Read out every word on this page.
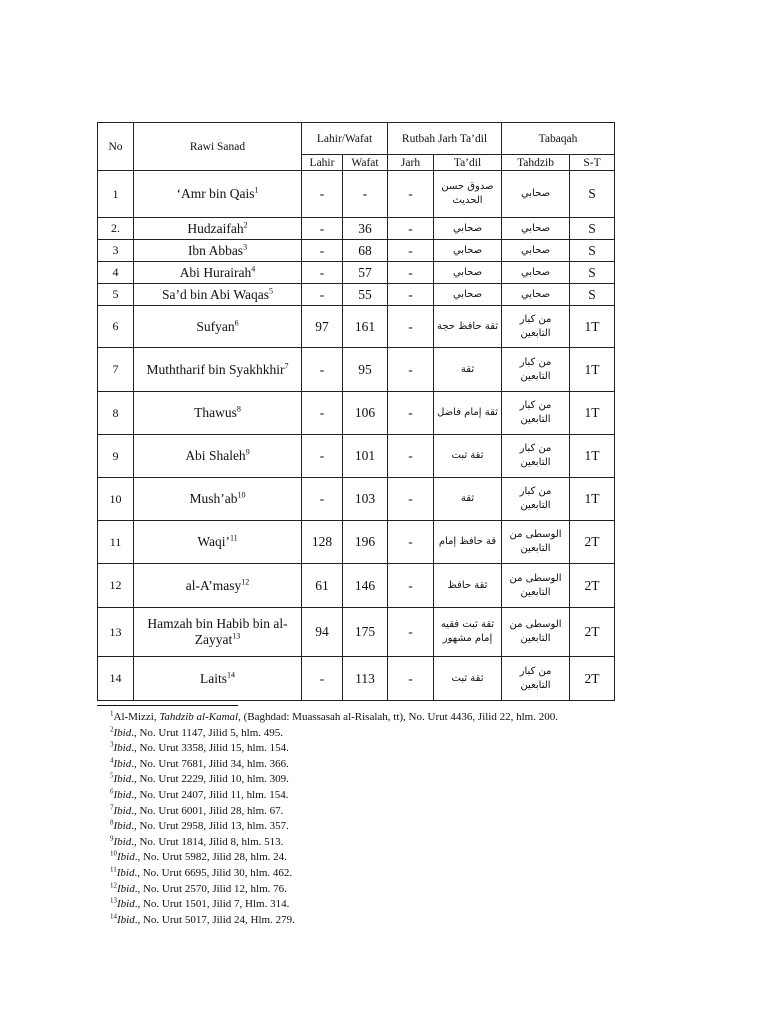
No	Rawi Sanad	Lahir/Wafat		Rutbah Jarh Ta’dil		Tabaqah	
		Lahir	Wafat	Jarh	Ta’dil	Tahdzib	S-T
1	‘Amr bin Qais$^1$	-	-	-	صدوق حسن الحديث	صحابي	S
2.	Hudzaifah$^2$	-	36	-	صحابي	صحابي	S
3	Ibn Abbas$^3$	-	68	-	صحابي	صحابي	S
4	Abi Hurairah$^4$	-	57	-	صحابي	صحابي	S
5	Sa’d bin Abi Waqas$^5$	-	55	-	صحابي	صحابي	S
6	Sufyan$^6$	97	161	-	ثقة حافظ حجة	من كبار التابعين	1T
7	Muththarif bin Syakhkhir$^7$	-	95	-	ثقة	من كبار التابعين	1T
8	Thawus$^8$	-	106	-	ثقة إمام فاضل	من كبار التابعين	1T
9	Abi Shaleh$^9$	-	101	-	ثقة ثبت	من كبار التابعين	1T
10	$Mush’ab^{10}$	-	103	-	ثقة	من كبار التابعين	1T
11	Waqi’$^{11}$	128	196	-	قة حافظ إمام	الوسطى من التابعين	2T
12	al-A’masy$^{12}$	61	146	-	ثقة حافظ	الوسطى من التابعين	2T
13	Hamzah bin Habib bin al-Zayyat$^{13}$	94	175	-	ثقة ثبت فقيه إمام مشهور	الوسطى من التابعين	2T
14	Laits$^{14}$	-	113	-	ثقة ثبت	من كبار التابعين	2T
$^1$Al-Mizzi, Tahdzib al-Kamal, (Baghdad: Muassasah al-Risalah, tt), No. Urut 4436, Jilid 22, hlm. 200.
$^2$Ibid., No. Urut 1147, Jilid 5, hlm. 495.
$^3$Ibid., No. Urut 3358, Jilid 15, hlm. 154.
$^4$Ibid., No. Urut 7681, Jilid 34, hlm. 366.
$^5$Ibid., No. Urut 2229, Jilid 10, hlm. 309.
$^6$Ibid., No. Urut 2407, Jilid 11, hlm. 154.
$^7$Ibid., No. Urut 6001, Jilid 28, hlm. 67.
$^8$Ibid., No. Urut 2958, Jilid 13, hlm. 357.
$^9$Ibid., No. Urut 1814, Jilid 8, hlm. 513.
$^{10}$Ibid., No. Urut 5982, Jilid 28, hlm. 24.
$^{11}$Ibid., No. Urut 6695, Jilid 30, hlm. 462.
$^{12}$Ibid., No. Urut 2570, Jilid 12, hlm. 76.
$^{13}$Ibid., No. Urut 1501, Jilid 7, Hlm. 314.
$^{14}$Ibid., No. Urut 5017, Jilid 24, Hlm. 279.
